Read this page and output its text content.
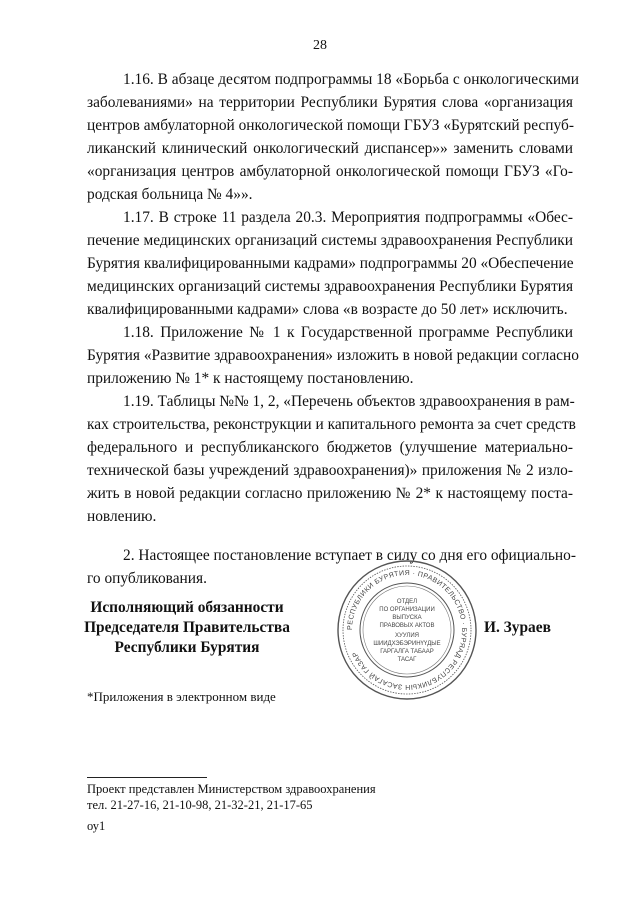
28
1.16. В абзаце десятом подпрограммы 18 «Борьба с онкологическими
заболеваниями» на территории Республики Бурятия слова «организация
центров амбулаторной онкологической помощи ГБУЗ «Бурятский респуб-
ликанский клинический онкологический диспансер»» заменить словами
«организация центров амбулаторной онкологической помощи ГБУЗ «Го-
родская больница № 4»».
1.17. В строке 11 раздела 20.3. Мероприятия подпрограммы «Обес-
печение медицинских организаций системы здравоохранения Республики
Бурятия квалифицированными кадрами» подпрограммы 20 «Обеспечение
медицинских организаций системы здравоохранения Республики Бурятия
квалифицированными кадрами» слова «в возрасте до 50 лет» исключить.
1.18. Приложение № 1 к Государственной программе Республики
Бурятия «Развитие здравоохранения» изложить в новой редакции согласно
приложению № 1* к настоящему постановлению.
1.19. Таблицы №№ 1, 2, «Перечень объектов здравоохранения в рам-
ках строительства, реконструкции и капитального ремонта за счет средств
федерального и республиканского бюджетов (улучшение материально-
технической базы учреждений здравоохранения)» приложения № 2 изло-
жить в новой редакции согласно приложению № 2* к настоящему поста-
новлению.
2. Настоящее постановление вступает в силу со дня его официально-
го опубликования.
Исполняющий обязанности
Председателя Правительства
Республики Бурятия
И. Зураев
РЕСПУБЛИКИ БУРЯТИЯ · ПРАВИТЕЛЬСТВО · БУРЯАД РЕСПУБЛИКЫН ЗАСАГАЙ ГАЗАР
ОТДЕЛ
ПО ОРГАНИЗАЦИИ
ВЫПУСКА
ПРАВОВЫХ АКТОВ
ХУУЛИЯ
ШИИДХЭБЭРИНҮҮДЫЕ
ГАРГАЛГА ТАБААР
ТАСАГ
*Приложения в электронном виде
Проект представлен Министерством здравоохранения
тел. 21-27-16, 21-10-98, 21-32-21, 21-17-65
оу1
